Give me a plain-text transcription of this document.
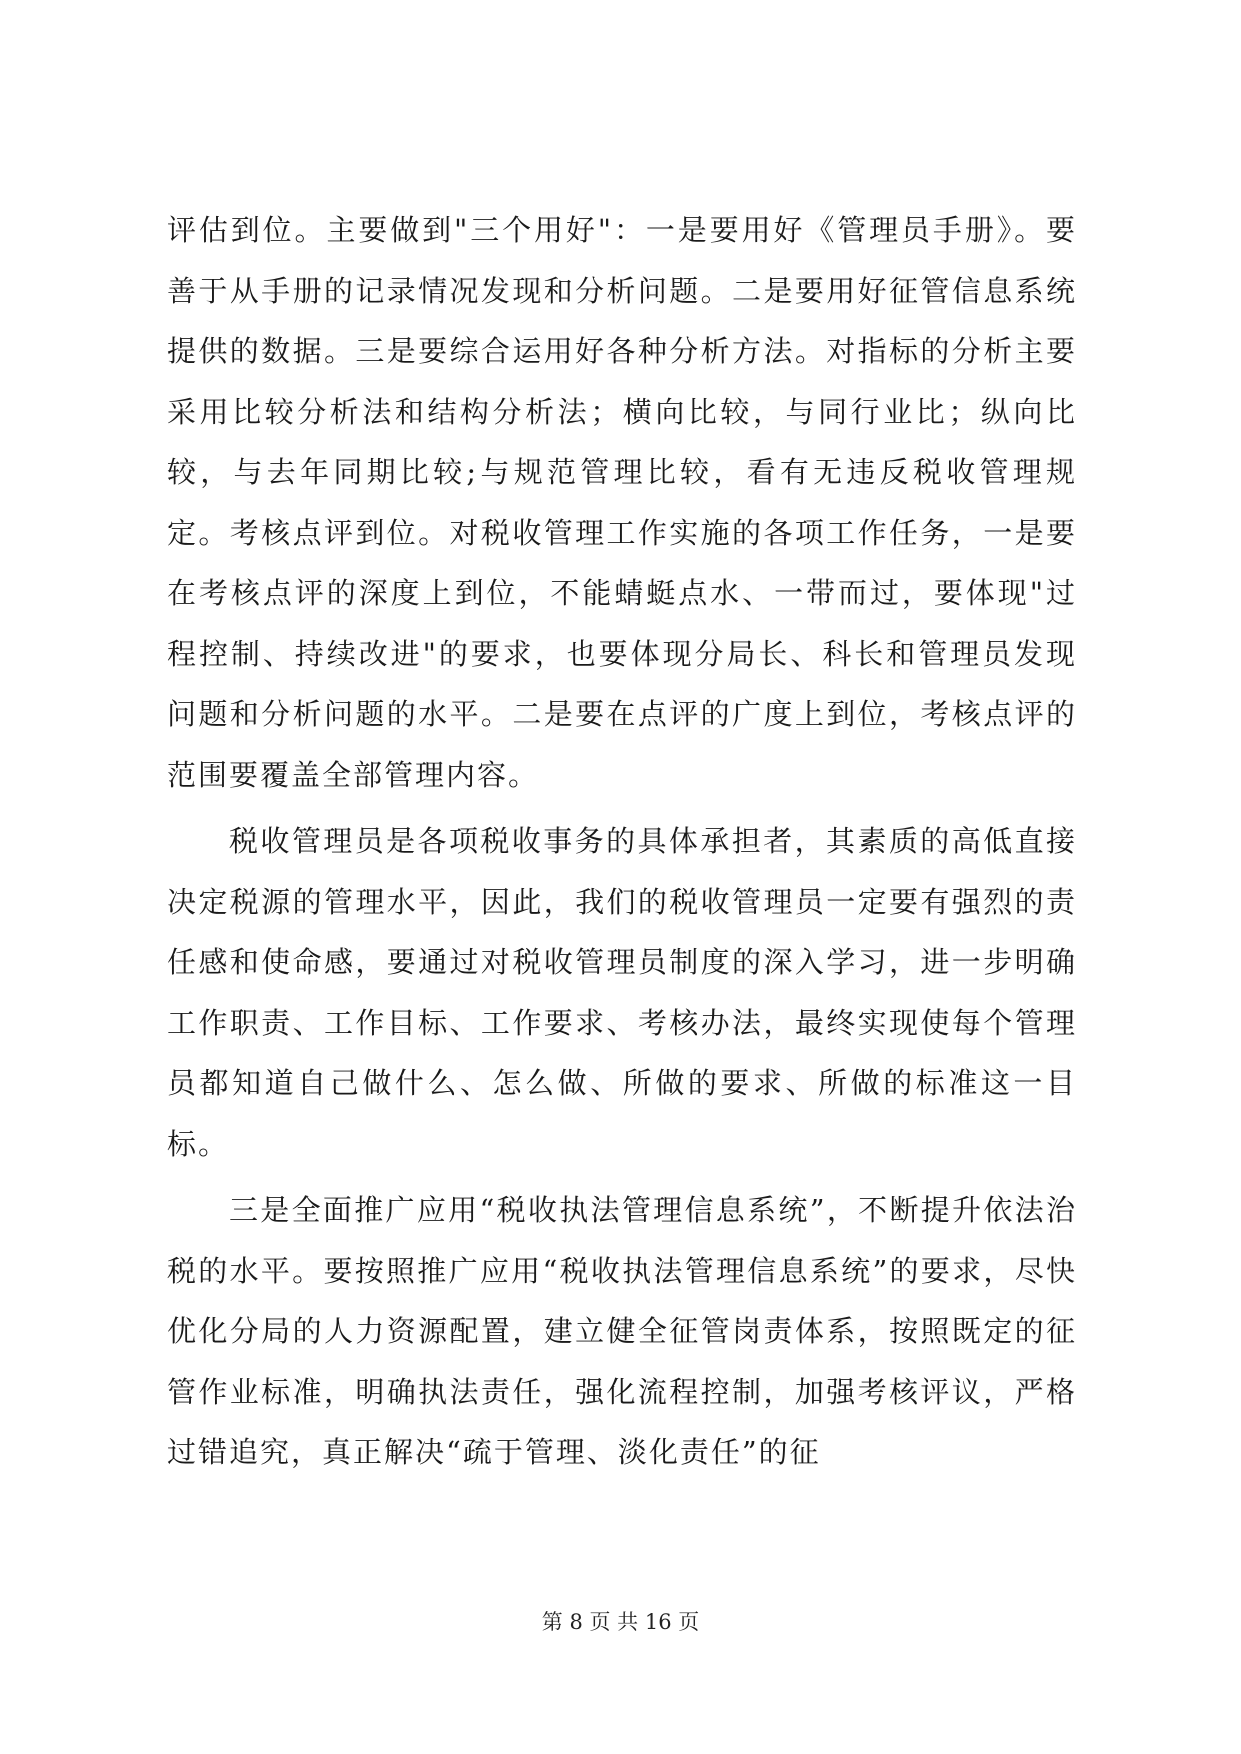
评估到位。主要做到"三个用好"：一是要用好《管理员手册》。要善于从手册的记录情况发现和分析问题。二是要用好征管信息系统提供的数据。三是要综合运用好各种分析方法。对指标的分析主要采用比较分析法和结构分析法；横向比较，与同行业比；纵向比较，与去年同期比较;与规范管理比较，看有无违反税收管理规定。考核点评到位。对税收管理工作实施的各项工作任务，一是要在考核点评的深度上到位，不能蜻蜓点水、一带而过，要体现"过程控制、持续改进"的要求，也要体现分局长、科长和管理员发现问题和分析问题的水平。二是要在点评的广度上到位，考核点评的范围要覆盖全部管理内容。

税收管理员是各项税收事务的具体承担者，其素质的高低直接决定税源的管理水平，因此，我们的税收管理员一定要有强烈的责任感和使命感，要通过对税收管理员制度的深入学习，进一步明确工作职责、工作目标、工作要求、考核办法，最终实现使每个管理员都知道自己做什么、怎么做、所做的要求、所做的标准这一目标。

三是全面推广应用“税收执法管理信息系统”，不断提升依法治税的水平。要按照推广应用“税收执法管理信息系统”的要求，尽快优化分局的人力资源配置，建立健全征管岗责体系，按照既定的征管作业标准，明确执法责任，强化流程控制，加强考核评议，严格过错追究，真正解决“疏于管理、淡化责任”的征

第 8 页 共 16 页
